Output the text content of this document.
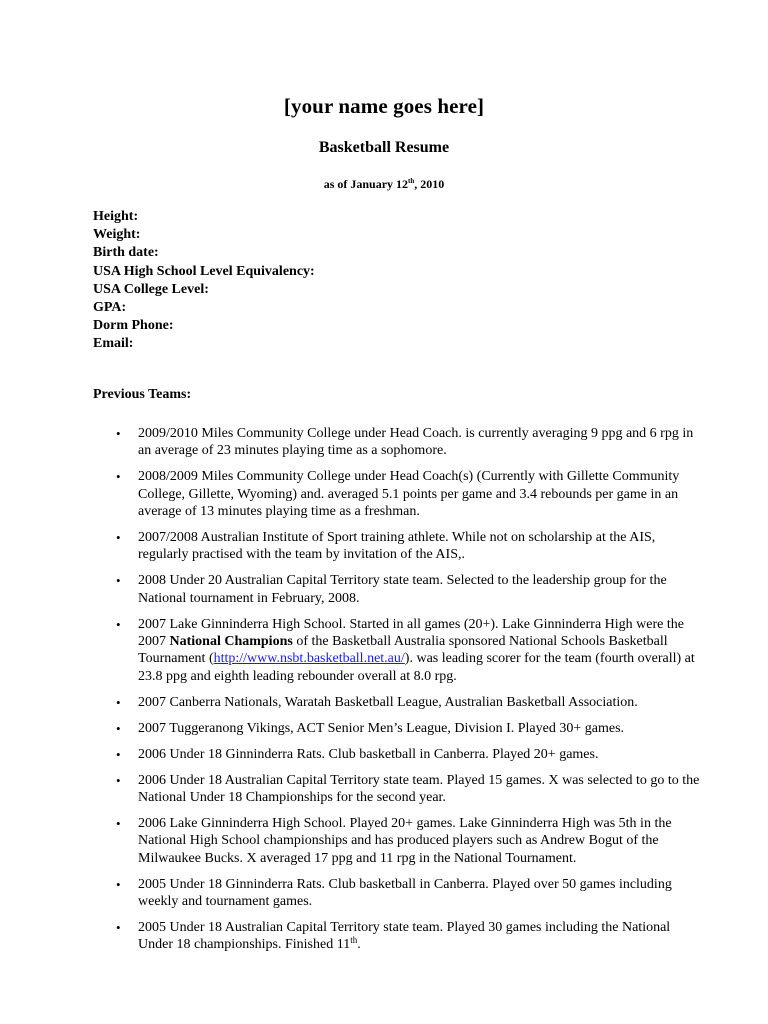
[your name goes here]
Basketball Resume
as of January 12th, 2010
Height:
Weight:
Birth date:
USA High School Level Equivalency:
USA College Level:
GPA:
Dorm Phone:
Email:
Previous Teams:
• 2009/2010 Miles Community College under Head Coach. is currently averaging 9 ppg and 6 rpg in an average of 23 minutes playing time as a sophomore.
• 2008/2009 Miles Community College under Head Coach(s) (Currently with Gillette Community College, Gillette, Wyoming) and. averaged 5.1 points per game and 3.4 rebounds per game in an average of 13 minutes playing time as a freshman.
• 2007/2008 Australian Institute of Sport training athlete. While not on scholarship at the AIS, regularly practised with the team by invitation of the AIS,.
• 2008 Under 20 Australian Capital Territory state team. Selected to the leadership group for the National tournament in February, 2008.
• 2007 Lake Ginninderra High School. Started in all games (20+). Lake Ginninderra High were the 2007 National Champions of the Basketball Australia sponsored National Schools Basketball Tournament (http://www.nsbt.basketball.net.au/). was leading scorer for the team (fourth overall) at 23.8 ppg and eighth leading rebounder overall at 8.0 rpg.
• 2007 Canberra Nationals, Waratah Basketball League, Australian Basketball Association.
• 2007 Tuggeranong Vikings, ACT Senior Men’s League, Division I. Played 30+ games.
• 2006 Under 18 Ginninderra Rats. Club basketball in Canberra. Played 20+ games.
• 2006 Under 18 Australian Capital Territory state team. Played 15 games. X was selected to go to the National Under 18 Championships for the second year.
• 2006 Lake Ginninderra High School. Played 20+ games. Lake Ginninderra High was 5th in the National High School championships and has produced players such as Andrew Bogut of the Milwaukee Bucks. X averaged 17 ppg and 11 rpg in the National Tournament.
• 2005 Under 18 Ginninderra Rats. Club basketball in Canberra. Played over 50 games including weekly and tournament games.
• 2005 Under 18 Australian Capital Territory state team. Played 30 games including the National Under 18 championships. Finished 11th.
